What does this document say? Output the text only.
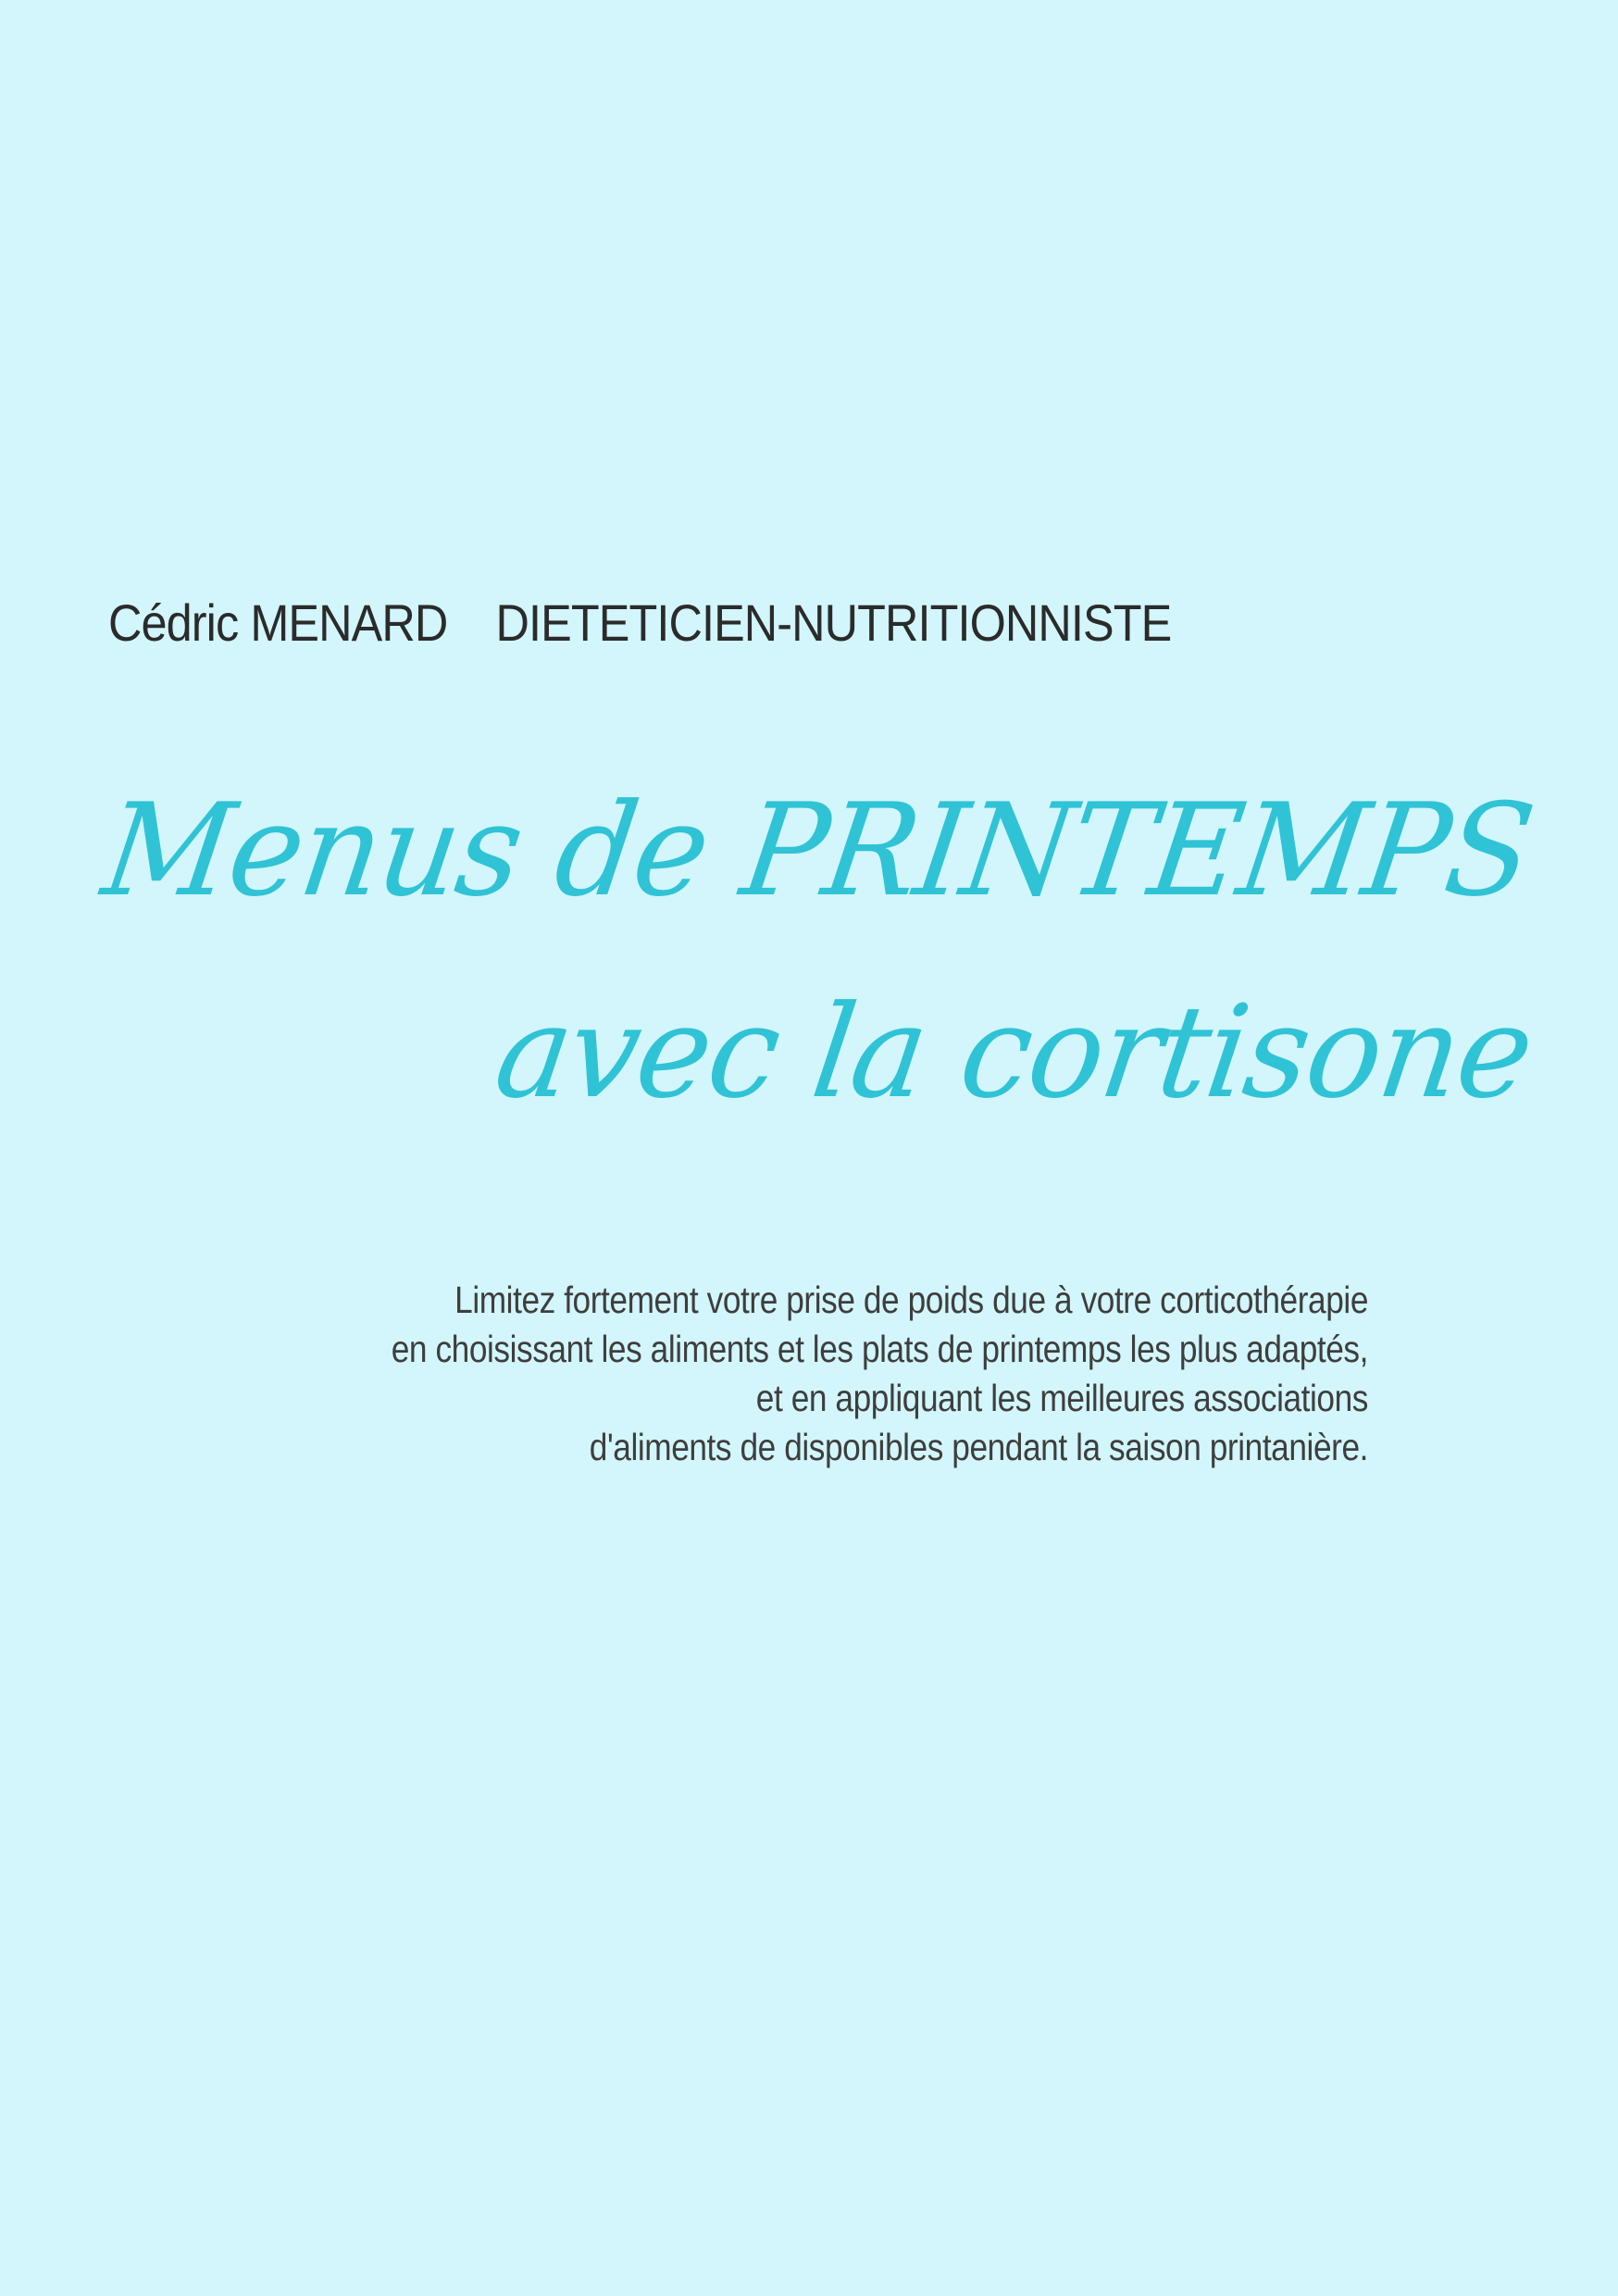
Cédric MENARD DIETETICIEN-NUTRITIONNISTE
Menus de PRINTEMPS
avec la cortisone
Limitez fortement votre prise de poids due à votre corticothérapie
en choisissant les aliments et les plats de printemps les plus adaptés,
et en appliquant les meilleures associations
d'aliments de disponibles pendant la saison printanière.
